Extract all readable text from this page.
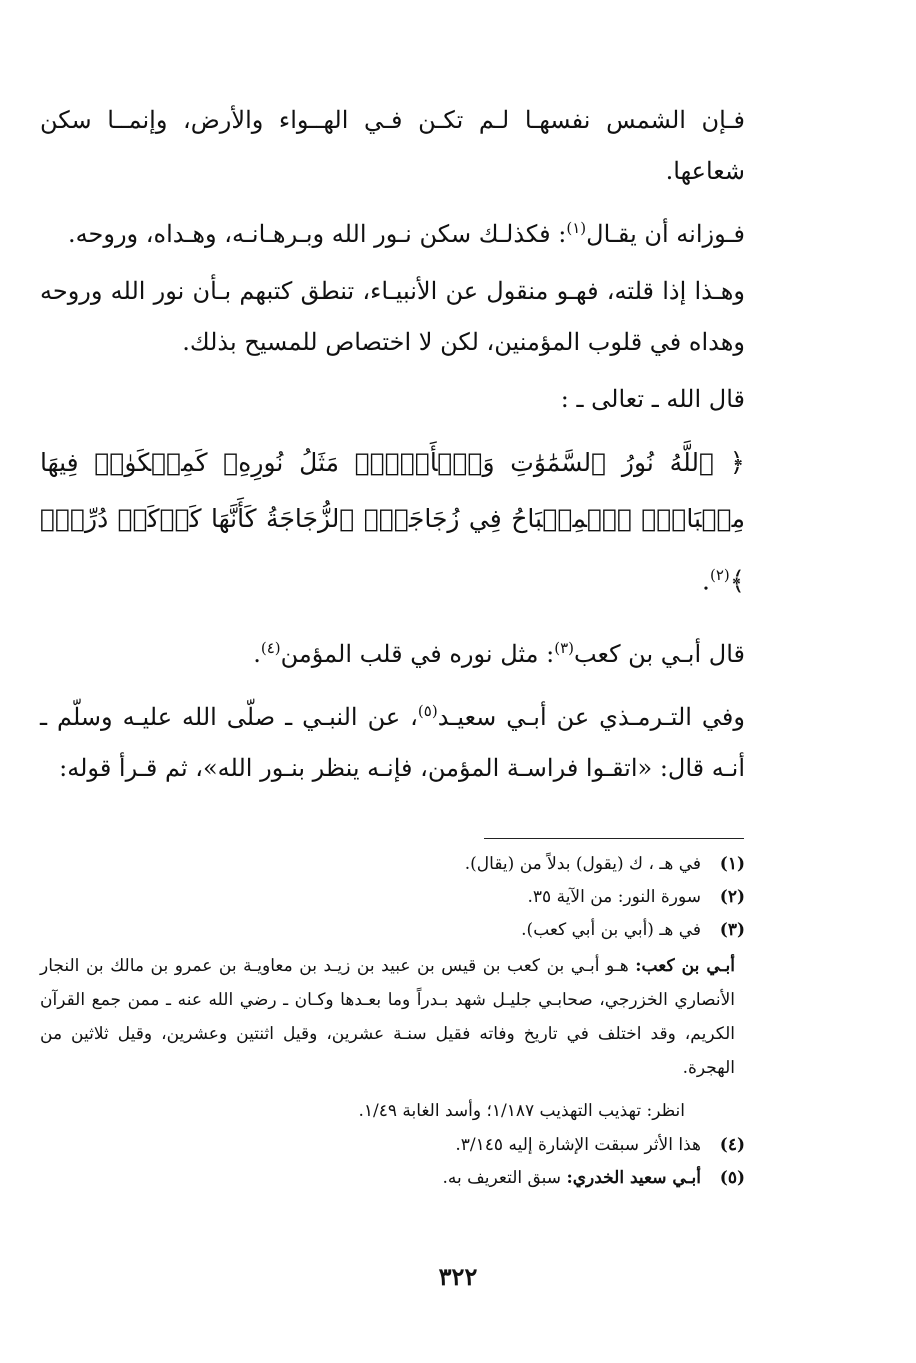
فـإن الشمس نفسهـا لـم تكـن فـي الهــواء والأرض، وإنمــا سكن شعاعها.

فـوزانه أن يقـال$^{(١)}$: فكذلـك سكن نـور الله وبـرهـانـه، وهـداه، وروحه.

وهـذا إذا قلته، فهـو منقول عن الأنبيـاء، تنطق كتبهم بـأن نور الله وروحه وهداه في قلوب المؤمنين، لكن لا اختصاص للمسيح بذلك.

قال الله ـ تعالى ـ :

﴿ ٱللَّهُ نُورُ ٱلسَّمَٰوَٰتِ وَٱلۡأَرۡضِۚ مَثَلُ نُورِهِۦ كَمِشۡكَوٰةٖ فِيهَا مِصۡبَاحٌۖ ٱلۡمِصۡبَاحُ فِي زُجَاجَةٍۖ ٱلزُّجَاجَةُ كَأَنَّهَا كَوۡكَبٞ دُرِّيّٞ ﴾$^{(٢)}$.

قال أبـي بن كعب$^{(٣)}$: مثل نوره في قلب المؤمن$^{(٤)}$.

وفي التـرمـذي عن أبـي سعيـد$^{(٥)}$، عن النبـي ـ صلّى الله عليـه وسلّم ـ أنـه قال: «اتقـوا فراسـة المؤمن، فإنـه ينظر بنـور الله»، ثم قـرأ قوله:

(١)
في هـ ، ك (يقول) بدلاً من (يقال).
(٢)
سورة النور: من الآية ٣٥.
(٣)
في هـ (أبي بن أبي كعب).

أبـي بن كعب: هـو أبـي بن كعب بن قيس بن عبيد بن زيـد بن معاويـة بن عمرو بن مالك بن النجار الأنصاري الخزرجي، صحابـي جليـل شهد بـدراً وما بعـدها وكـان ـ رضي الله عنه ـ ممن جمع القرآن الكريم، وقد اختلف في تاريخ وفاته فقيل سنـة عشرين، وقيل اثنتين وعشرين، وقيل ثلاثين من الهجرة.

انظر: تهذيب التهذيب ١/١٨٧؛ وأسد الغابة ١/٤٩.

(٤)
هذا الأثر سبقت الإشارة إليه ٣/١٤٥.
(٥)
أبـي سعيد الخدري: سبق التعريف به.
٣٢٢
